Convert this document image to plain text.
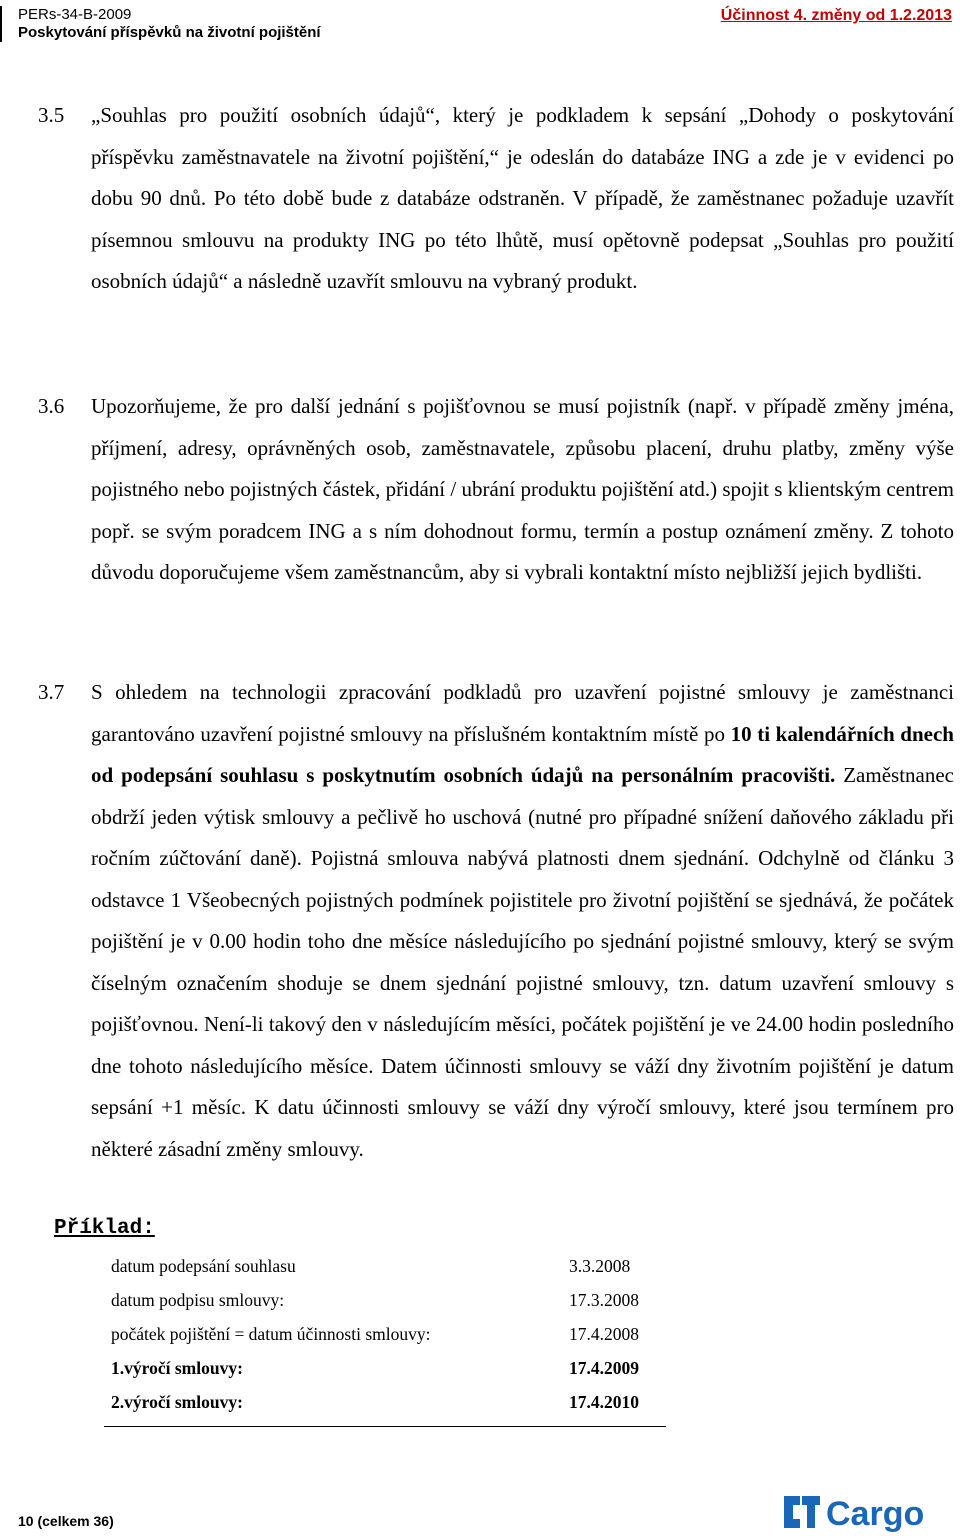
PERs-34-B-2009
Poskytování příspěvků na životní pojištění
Účinnost 4. změny od 1.2.2013
3.5 „Souhlas pro použití osobních údajů“, který je podkladem k sepsání „Dohody o poskytování příspěvku zaměstnavatele na životní pojištění,“ je odeslán do databáze ING a zde je v evidenci po dobu 90 dnů. Po této době bude z databáze odstraněn. V případě, že zaměstnanec požaduje uzavřít písemnou smlouvu na produkty ING po této lhůtě, musí opětovně podepsat „Souhlas pro použití osobních údajů“ a následně uzavřít smlouvu na vybraný produkt.
3.6 Upozorňujeme, že pro další jednání s pojišťovnou se musí pojistník (např. v případě změny jména, příjmení, adresy, oprávněných osob, zaměstnavatele, způsobu placení, druhu platby, změny výše pojistného nebo pojistných částek, přidání / ubrání produktu pojištění atd.) spojit s klientským centrem popř. se svým poradcem ING a s ním dohodnout formu, termín a postup oznámení změny. Z tohoto důvodu doporučujeme všem zaměstnancům, aby si vybrali kontaktní místo nejbližší jejich bydlišti.
3.7 S ohledem na technologii zpracování podkladů pro uzavření pojistné smlouvy je zaměstnanci garantováno uzavření pojistné smlouvy na příslušném kontaktním místě po 10 ti kalendářních dnech od podepsání souhlasu s poskytnutím osobních údajů na personálním pracovišti. Zaměstnanec obdrží jeden výtisk smlouvy a pečlivě ho uschová (nutné pro případné snížení daňového základu při ročním zúčtování daně). Pojistná smlouva nabývá platnosti dnem sjednání. Odchylně od článku 3 odstavce 1 Všeobecných pojistných podmínek pojistitele pro životní pojištění se sjednává, že počátek pojištění je v 0.00 hodin toho dne měsíce následujícího po sjednání pojistné smlouvy, který se svým číselným označením shoduje se dnem sjednání pojistné smlouvy, tzn. datum uzavření smlouvy s pojišťovnou. Není-li takový den v následujícím měsíci, počátek pojištění je ve 24.00 hodin posledního dne tohoto následujícího měsíce. Datem účinnosti smlouvy se váží dny životním pojištění je datum sepsání +1 měsíc. K datu účinnosti smlouvy se váží dny výročí smlouvy, které jsou termínem pro některé zásadní změny smlouvy.
Příklad:
datum podepsání souhlasu	3.3.2008
datum podpisu smlouvy:	17.3.2008
počátek pojištění = datum účinnosti smlouvy:	17.4.2008
1.výročí smlouvy:	17.4.2009
2.výročí smlouvy:	17.4.2010
10 (celkem 36)	Cargo
